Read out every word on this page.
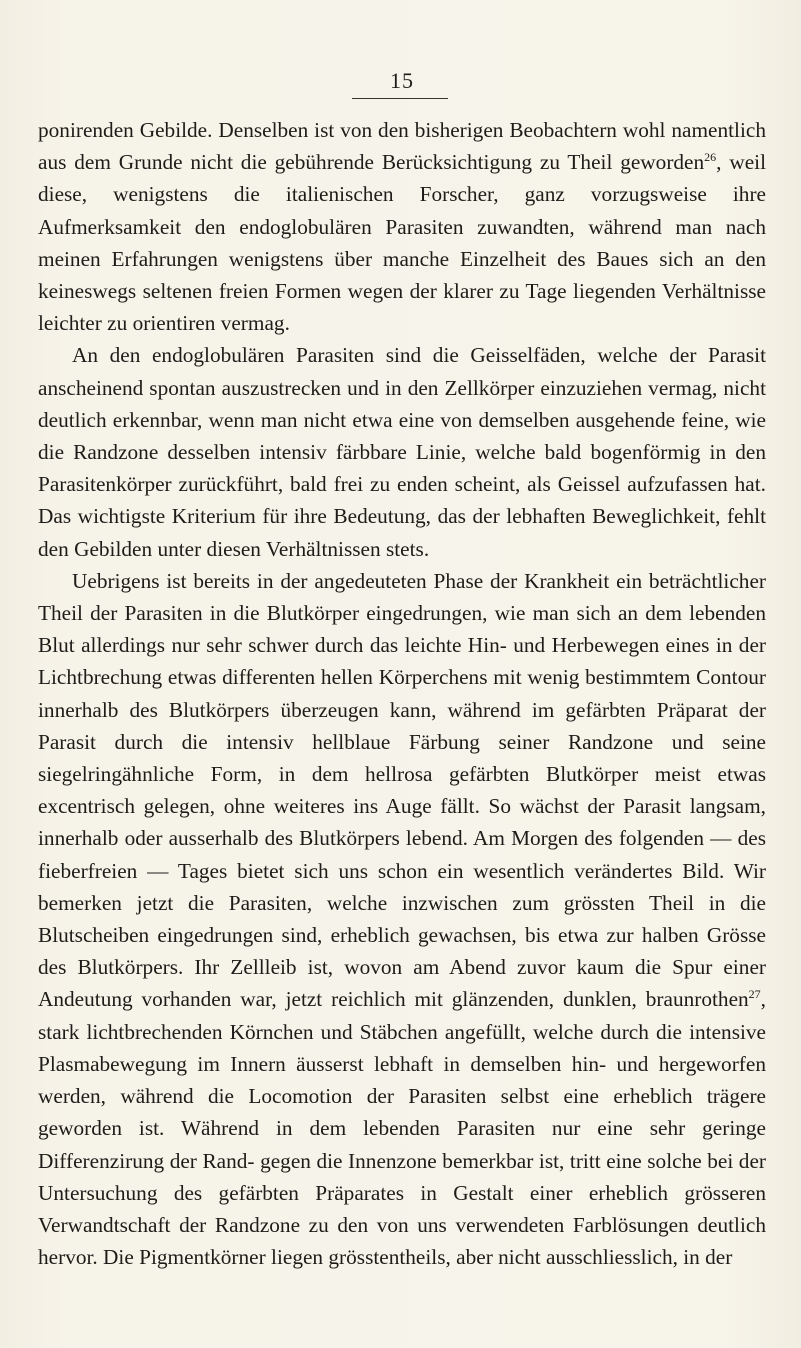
15

ponirenden Gebilde. Denselben ist von den bisherigen Beobachtern wohl namentlich aus dem Grunde nicht die gebührende Berücksichtigung zu Theil geworden$^{26}$, weil diese, wenigstens die italienischen Forscher, ganz vorzugsweise ihre Aufmerksamkeit den endoglobulären Parasiten zuwandten, während man nach meinen Erfahrungen wenigstens über manche Einzelheit des Baues sich an den keineswegs seltenen freien Formen wegen der klarer zu Tage liegenden Verhältnisse leichter zu orientiren vermag.

An den endoglobulären Parasiten sind die Geisselfäden, welche der Parasit anscheinend spontan auszustrecken und in den Zellkörper einzuziehen vermag, nicht deutlich erkennbar, wenn man nicht etwa eine von demselben ausgehende feine, wie die Randzone desselben intensiv färbbare Linie, welche bald bogenförmig in den Parasitenkörper zurückführt, bald frei zu enden scheint, als Geissel aufzufassen hat. Das wichtigste Kriterium für ihre Bedeutung, das der lebhaften Beweglichkeit, fehlt den Gebilden unter diesen Verhältnissen stets.

Uebrigens ist bereits in der angedeuteten Phase der Krankheit ein beträchtlicher Theil der Parasiten in die Blutkörper eingedrungen, wie man sich an dem lebenden Blut allerdings nur sehr schwer durch das leichte Hin- und Herbewegen eines in der Lichtbrechung etwas differenten hellen Körperchens mit wenig bestimmtem Contour innerhalb des Blutkörpers überzeugen kann, während im gefärbten Präparat der Parasit durch die intensiv hellblaue Färbung seiner Randzone und seine siegelringähnliche Form, in dem hellrosa gefärbten Blutkörper meist etwas excentrisch gelegen, ohne weiteres ins Auge fällt. So wächst der Parasit langsam, innerhalb oder ausserhalb des Blutkörpers lebend. Am Morgen des folgenden — des fieberfreien — Tages bietet sich uns schon ein wesentlich verändertes Bild. Wir bemerken jetzt die Parasiten, welche inzwischen zum grössten Theil in die Blutscheiben eingedrungen sind, erheblich gewachsen, bis etwa zur halben Grösse des Blutkörpers. Ihr Zellleib ist, wovon am Abend zuvor kaum die Spur einer Andeutung vorhanden war, jetzt reichlich mit glänzenden, dunklen, braunrothen$^{27}$, stark lichtbrechenden Körnchen und Stäbchen angefüllt, welche durch die intensive Plasmabewegung im Innern äusserst lebhaft in demselben hin- und hergeworfen werden, während die Locomotion der Parasiten selbst eine erheblich trägere geworden ist. Während in dem lebenden Parasiten nur eine sehr geringe Differenzirung der Rand- gegen die Innenzone bemerkbar ist, tritt eine solche bei der Untersuchung des gefärbten Präparates in Gestalt einer erheblich grösseren Verwandtschaft der Randzone zu den von uns verwendeten Farblösungen deutlich hervor. Die Pigmentkörner liegen grösstentheils, aber nicht ausschliesslich, in der
